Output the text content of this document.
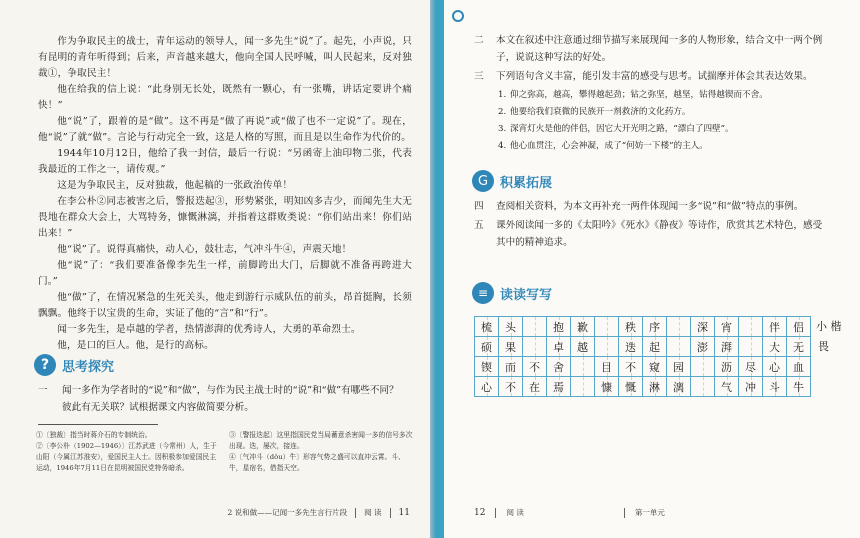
作为争取民主的战士，青年运动的领导人，闻一多先生“说”了。起先，小声说，只有昆明的青年听得到；后来，声音越来越大，他向全国人民呼喊，叫人民起来，反对独裁①，争取民主！

他在给我的信上说：“此身别无长处，既然有一颗心，有一张嘴，讲话定要讲个痛快！”

他“说”了，跟着的是“做”。这不再是“做了再说”或“做了也不一定说”了。现在，他“说”了就“做”。言论与行动完全一致，这是人格的写照，而且是以生命作为代价的。

1944年10月12日，他给了我一封信，最后一行说：“另函寄上油印物二张，代表我最近的工作之一，请传观。”

这是为争取民主，反对独裁，他起稿的一张政治传单！

在李公朴②同志被害之后，警报迭起③，形势紧张，明知凶多吉少，而闻先生大无畏地在群众大会上，大骂特务，慷慨淋漓，并指着这群败类说：“你们站出来！你们站出来！”

他“说”了。说得真痛快，动人心，鼓壮志，气冲斗牛④，声震天地！

他“说”了：“我们要准备像李先生一样，前脚跨出大门，后脚就不准备再跨进大门。”

他“做”了，在情况紧急的生死关头，他走到游行示威队伍的前头，昂首挺胸，长须飘飘。他终于以宝贵的生命，实证了他的“言”和“行”。

闻一多先生，是卓越的学者，热情澎湃的优秀诗人，大勇的革命烈士。

他，是口的巨人。他，是行的高标。

? 思考探究
一	闻一多作为学者时的“说”和“做”，与作为民主战士时的“说”和“做”有哪些不同？彼此有无关联？试根据课文内容做简要分析。
①〔独裁〕指当时蒋介石的专制统治。
②〔李公朴（1902—1946）〕江苏武进（今常州）人，生于山阳（今属江苏淮安），爱国民主人士。因积极参加爱国民主运动，1946年7月11日在昆明被国民党特务暗杀。
③〔警报迭起〕这里指国民党当局蓄意杀害闻一多的信号多次出现。迭，屡次，接连。
④〔气冲斗（dǒu）牛〕形容气势之盛可以直冲云霄。斗、牛，星宿名，借指天空。
2 说和做——记闻一多先生言行片段 阅 读 11
二	本文在叙述中注意通过细节描写来展现闻一多的人物形象，结合文中一两个例子，说说这种写法的好处。
三	下列语句含义丰富，能引发丰富的感受与思考。试揣摩并体会其表达效果。
1. 仰之弥高，越高，攀得越起劲；钻之弥坚，越坚，钻得越锲而不舍。
2. 他要给我们衰微的民族开一剂救济的文化药方。
3. 深宵灯火是他的伴侣，因它大开光明之路，“漂白了四壁”。
4. 他心血贯注，心会神凝，成了“何妨一下楼”的主人。
G 积累拓展
四	查阅相关资料，为本文再补充一两件体现闻一多“说”和“做”特点的事例。
五	课外阅读闻一多的《太阳吟》《死水》《静夜》等诗作，欣赏其艺术特色，感受其中的精神追求。
≡ 读读写写
梳 头	抱 歉	秩 序	深 宵	伴 侣
硕 果	卓 越	迭 起	澎 湃	大 无
锲 而 不 舍	目 不 窥 园	沥 尽 心 血
心 不 在 焉	慷 慨 淋 漓	气 冲 斗 牛
小 楷
畏
12	阅 读	第一单元
